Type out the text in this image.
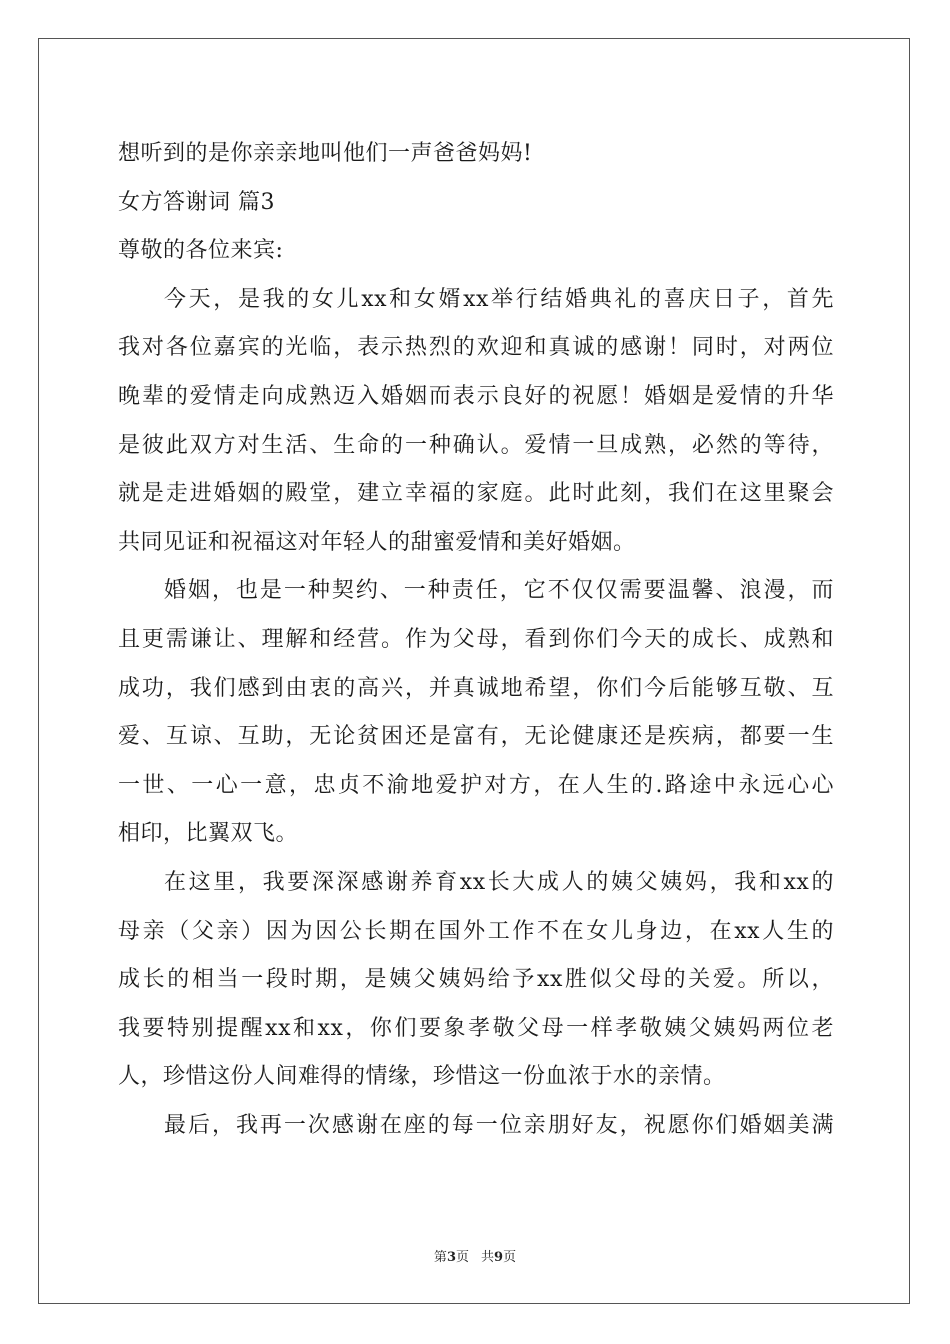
想听到的是你亲亲地叫他们一声爸爸妈妈!
女方答谢词 篇3
尊敬的各位来宾:
今天，是我的女儿xx和女婿xx举行结婚典礼的喜庆日子，首先
我对各位嘉宾的光临，表示热烈的欢迎和真诚的感谢！同时，对两位
晚辈的爱情走向成熟迈入婚姻而表示良好的祝愿！婚姻是爱情的升华
是彼此双方对生活、生命的一种确认。爱情一旦成熟，必然的等待，
就是走进婚姻的殿堂，建立幸福的家庭。此时此刻，我们在这里聚会
共同见证和祝福这对年轻人的甜蜜爱情和美好婚姻。
婚姻，也是一种契约、一种责任，它不仅仅需要温馨、浪漫，而
且更需谦让、理解和经营。作为父母，看到你们今天的成长、成熟和
成功，我们感到由衷的高兴，并真诚地希望，你们今后能够互敬、互
爱、互谅、互助，无论贫困还是富有，无论健康还是疾病，都要一生
一世、一心一意，忠贞不渝地爱护对方，在人生的.路途中永远心心
相印，比翼双飞。
在这里，我要深深感谢养育xx长大成人的姨父姨妈，我和xx的
母亲（父亲）因为因公长期在国外工作不在女儿身边，在xx人生的
成长的相当一段时期，是姨父姨妈给予xx胜似父母的关爱。所以，
我要特别提醒xx和xx，你们要象孝敬父母一样孝敬姨父姨妈两位老
人，珍惜这份人间难得的情缘，珍惜这一份血浓于水的亲情。
最后，我再一次感谢在座的每一位亲朋好友，祝愿你们婚姻美满
第3页 共9页
